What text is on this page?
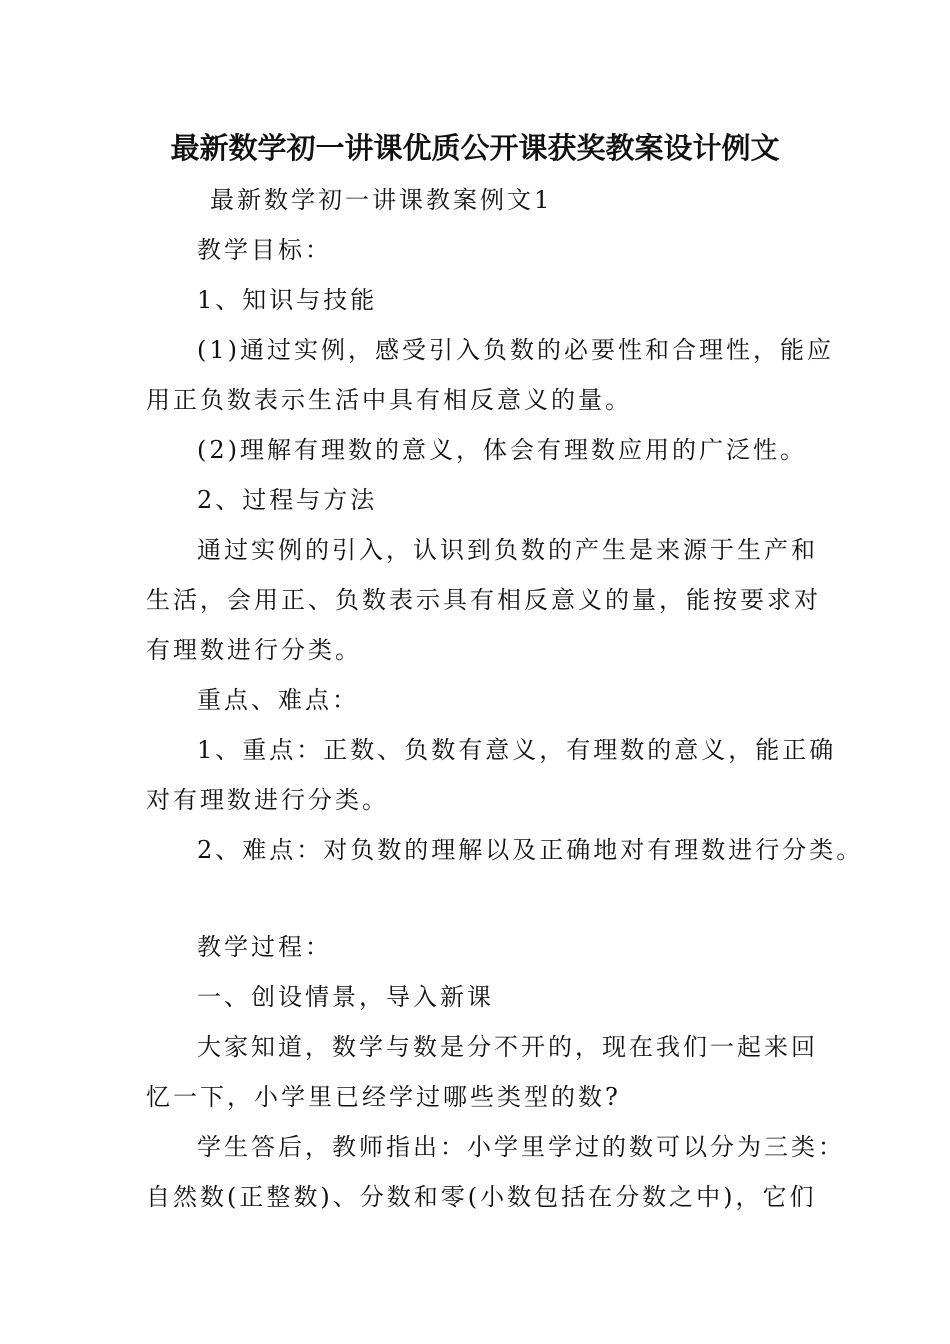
最新数学初一讲课优质公开课获奖教案设计例文
最新数学初一讲课教案例文1
教学目标：
1、知识与技能
(1)通过实例，感受引入负数的必要性和合理性，能应
用正负数表示生活中具有相反意义的量。
(2)理解有理数的意义，体会有理数应用的广泛性。
2、过程与方法
通过实例的引入，认识到负数的产生是来源于生产和
生活，会用正、负数表示具有相反意义的量，能按要求对
有理数进行分类。
重点、难点：
1、重点：正数、负数有意义，有理数的意义，能正确
对有理数进行分类。
2、难点：对负数的理解以及正确地对有理数进行分类。
教学过程：
一、创设情景，导入新课
大家知道，数学与数是分不开的，现在我们一起来回
忆一下，小学里已经学过哪些类型的数?
学生答后，教师指出：小学里学过的数可以分为三类：
自然数(正整数)、分数和零(小数包括在分数之中)，它们
